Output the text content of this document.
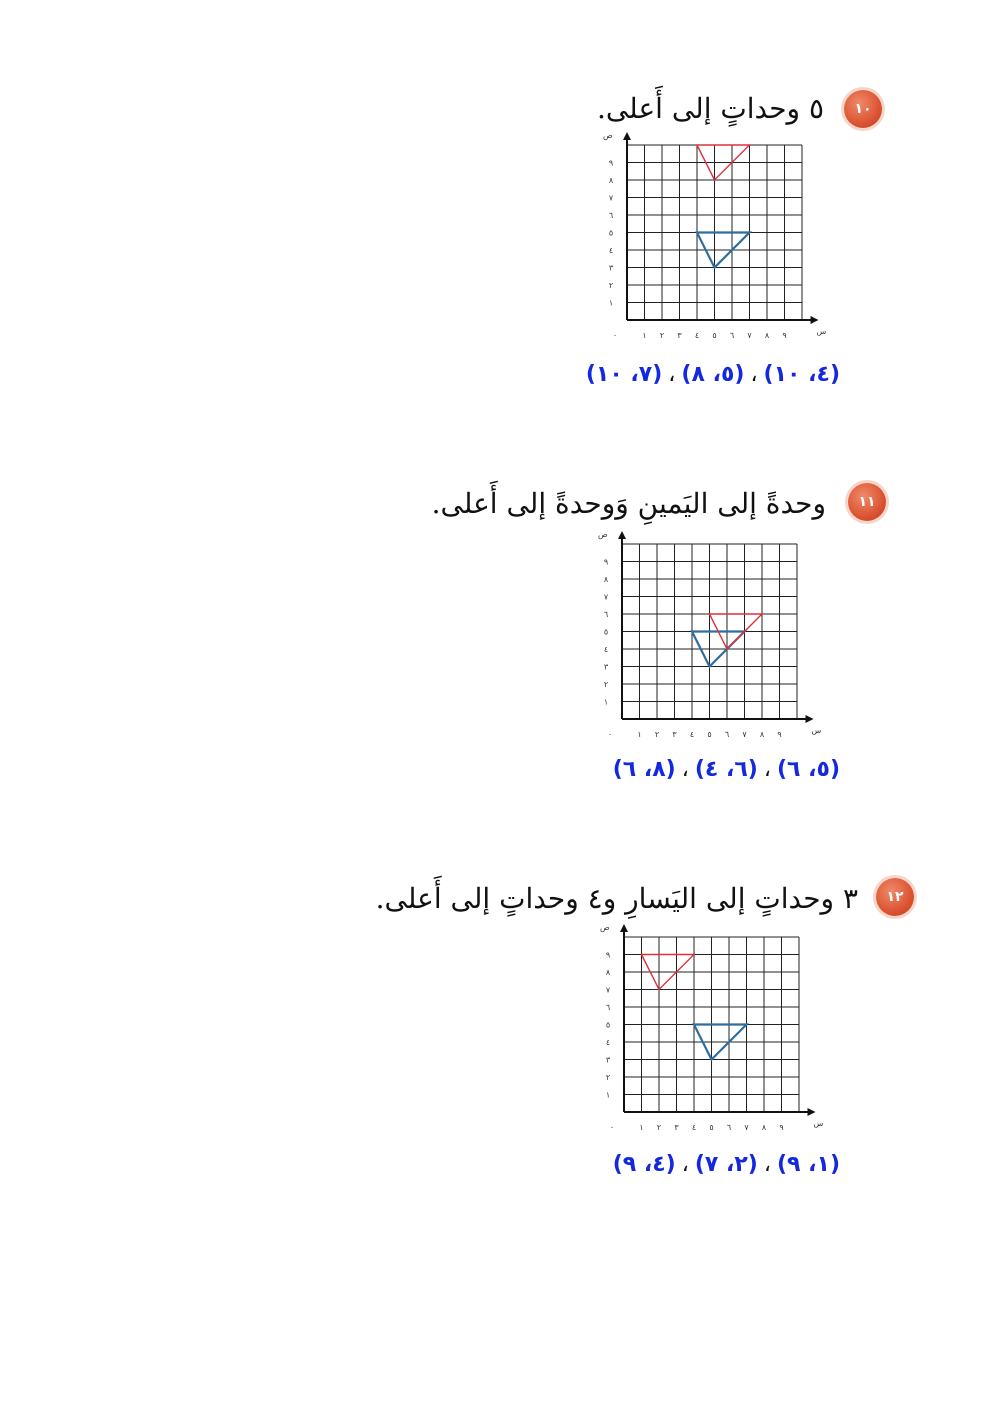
١٠
٥ وحداتٍ إلى أَعلى.
٠	١ ٢ ٣ ٤ ٥ ٦ ٧ ٨ ٩
١
٢
٣
٤
٥
٦
٧
٨
٩
س
ص
(٤، ١٠)،(٥، ٨)،(٧، ١٠)
١١
وحدةً إلى اليَمينِ وَوحدةً إلى أَعلى.
٠	١ ٢ ٣ ٤ ٥ ٦ ٧ ٨ ٩
١
٢
٣
٤
٥
٦
٧
٨
٩
س
ص
(٥، ٦)،(٦، ٤)،(٨، ٦)
١٢
٣ وحداتٍ إلى اليَسارِ و٤ وحداتٍ إلى أَعلى.
٠	١ ٢ ٣ ٤ ٥ ٦ ٧ ٨ ٩
١
٢
٣
٤
٥
٦
٧
٨
٩
س
ص
(١، ٩)،(٢، ٧)،(٤، ٩)
